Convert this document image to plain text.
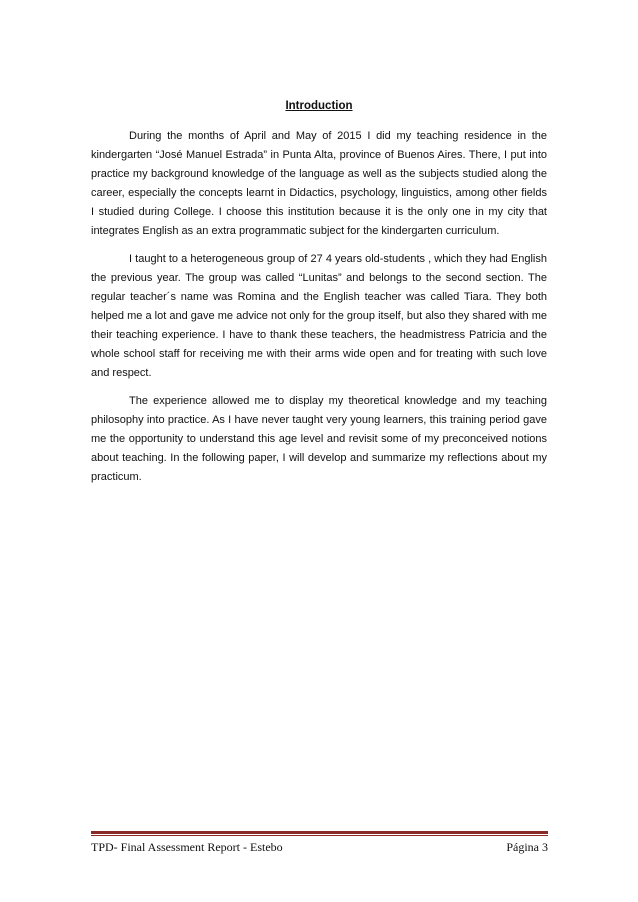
Introduction

During the months of April and May of 2015 I did my teaching residence in the kindergarten “José Manuel Estrada” in Punta Alta, province of Buenos Aires. There, I put into practice my background knowledge of the language as well as the subjects studied along the career, especially the concepts learnt in Didactics, psychology, linguistics, among other fields I studied during College. I choose this institution because it is the only one in my city that integrates English as an extra programmatic subject for the kindergarten curriculum.

I taught to a heterogeneous group of 27 4 years old-students , which they had English the previous year. The group was called “Lunitas” and belongs to the second section. The regular teacher´s name was Romina and the English teacher was called Tiara. They both helped me a lot and gave me advice not only for the group itself, but also they shared with me their teaching experience. I have to thank these teachers, the headmistress Patricia and the whole school staff for receiving me with their arms wide open and for treating with such love and respect.

The experience allowed me to display my theoretical knowledge and my teaching philosophy into practice. As I have never taught very young learners, this training period gave me the opportunity to understand this age level and revisit some of my preconceived notions about teaching. In the following paper, I will develop and summarize my reflections about my practicum.

TPD- Final Assessment Report - Estebo	Página 3
